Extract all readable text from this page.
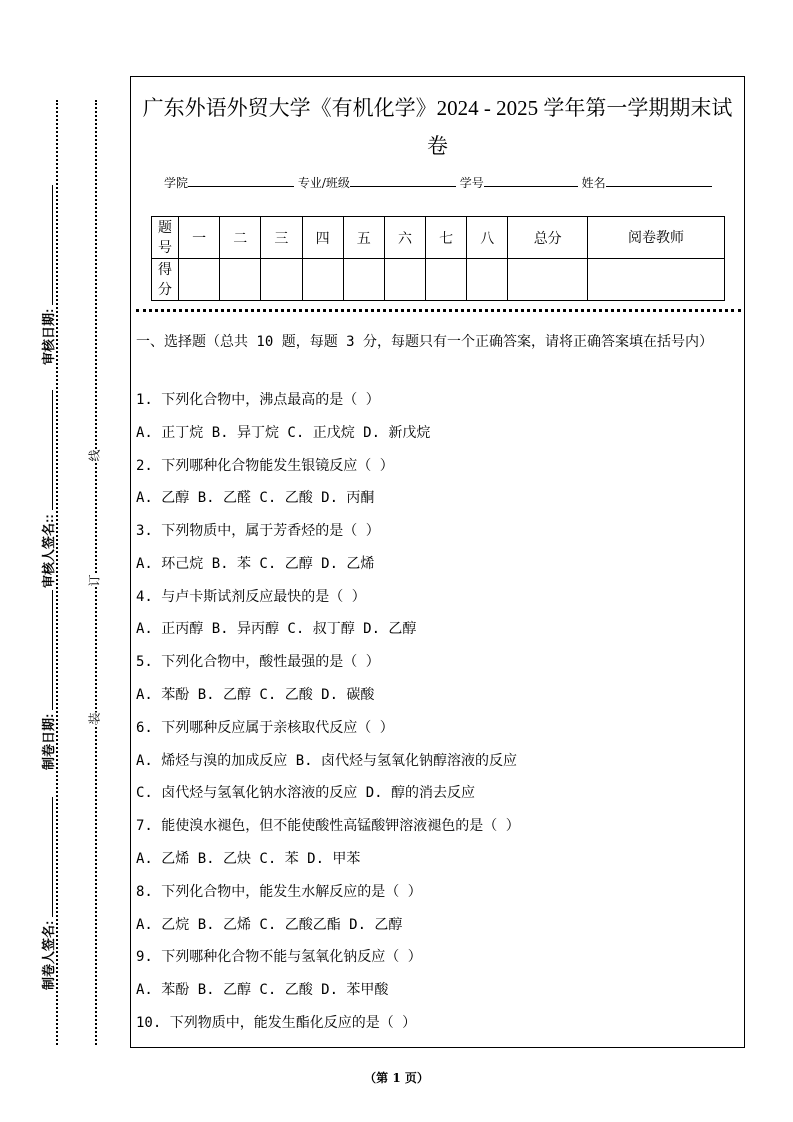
审核日期:
审核人签名::
制卷日期:
制卷人签名:
线
订
装
广东外语外贸大学《有机化学》2024 - 2025 学年第一学期期末试
卷
学院	专业/班级	学号	姓名
题号	一	二	三	四	五	六	七	八	总分	阅卷教师
得分										
一、选择题（总共 10 题，每题 3 分，每题只有一个正确答案，请将正确答案填在括号内）
1. 下列化合物中，沸点最高的是（ ）
A. 正丁烷 B. 异丁烷 C. 正戊烷 D. 新戊烷
2. 下列哪种化合物能发生银镜反应（ ）
A. 乙醇 B. 乙醛 C. 乙酸 D. 丙酮
3. 下列物质中，属于芳香烃的是（ ）
A. 环己烷 B. 苯 C. 乙醇 D. 乙烯
4. 与卢卡斯试剂反应最快的是（ ）
A. 正丙醇 B. 异丙醇 C. 叔丁醇 D. 乙醇
5. 下列化合物中，酸性最强的是（ ）
A. 苯酚 B. 乙醇 C. 乙酸 D. 碳酸
6. 下列哪种反应属于亲核取代反应（ ）
A. 烯烃与溴的加成反应 B. 卤代烃与氢氧化钠醇溶液的反应
C. 卤代烃与氢氧化钠水溶液的反应 D. 醇的消去反应
7. 能使溴水褪色，但不能使酸性高锰酸钾溶液褪色的是（ ）
A. 乙烯 B. 乙炔 C. 苯 D. 甲苯
8. 下列化合物中，能发生水解反应的是（ ）
A. 乙烷 B. 乙烯 C. 乙酸乙酯 D. 乙醇
9. 下列哪种化合物不能与氢氧化钠反应（ ）
A. 苯酚 B. 乙醇 C. 乙酸 D. 苯甲酸
10. 下列物质中，能发生酯化反应的是（ ）
（第 1 页）
